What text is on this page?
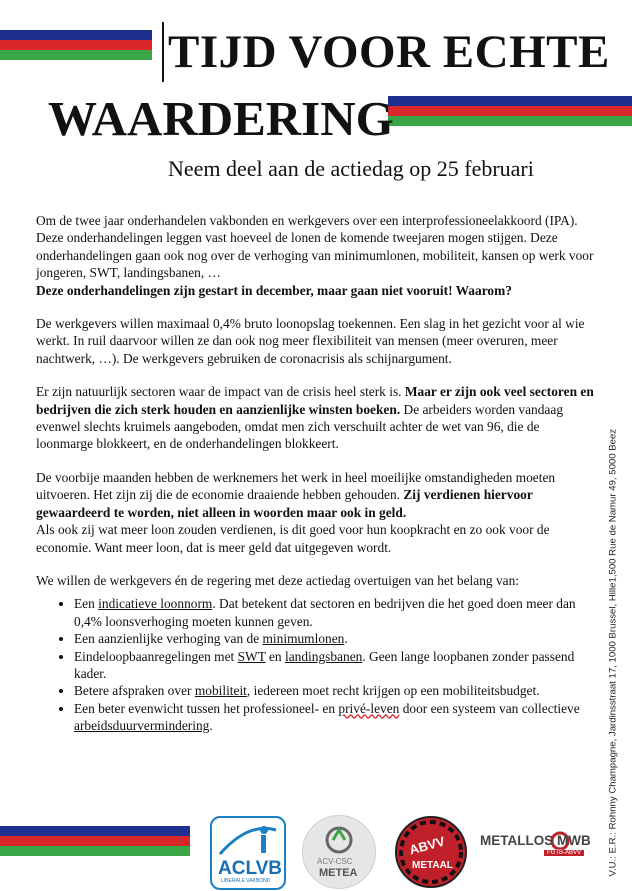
TIJD VOOR ECHTE
WAARDERING
Neem deel aan de actiedag op 25 februari

Om de twee jaar onderhandelen vakbonden en werkgevers over een interprofessioneelakkoord (IPA). Deze onderhandelingen leggen vast hoeveel de lonen de komende tweejaren mogen stijgen. Deze onderhandelingen gaan ook nog over de verhoging van minimumlonen, mobiliteit, kansen op werk voor jongeren, SWT, landingsbanen, …
Deze onderhandelingen zijn gestart in december, maar gaan niet vooruit! Waarom?

De werkgevers willen maximaal 0,4% bruto loonopslag toekennen. Een slag in het gezicht voor al wie werkt. In ruil daarvoor willen ze dan ook nog meer flexibiliteit van mensen (meer overuren, meer nachtwerk, …). De werkgevers gebruiken de coronacrisis als schijnargument.

Er zijn natuurlijk sectoren waar de impact van de crisis heel sterk is. Maar er zijn ook veel sectoren en bedrijven die zich sterk houden en aanzienlijke winsten boeken. De arbeiders worden vandaag evenwel slechts kruimels aangeboden, omdat men zich verschuilt achter de wet van 96, die de loonmarge blokkeert, en de onderhandelingen blokkeert.

De voorbije maanden hebben de werknemers het werk in heel moeilijke omstandigheden moeten uitvoeren. Het zijn zij die de economie draaiende hebben gehouden. Zij verdienen hiervoor gewaardeerd te worden, niet alleen in woorden maar ook in geld.
Als ook zij wat meer loon zouden verdienen, is dit goed voor hun koopkracht en zo ook voor de economie. Want meer loon, dat is meer geld dat uitgegeven wordt.

We willen de werkgevers én de regering met deze actiedag overtuigen van het belang van:

• Een indicatieve loonnorm. Dat betekent dat sectoren en bedrijven die het goed doen meer dan 0,4% loonsverhoging moeten kunnen geven.
• Een aanzienlijke verhoging van de minimumlonen.
• Eindeloopbaanregelingen met SWT en landingsbanen. Geen lange loopbanen zonder passend kader.
• Betere afspraken over mobiliteit, iedereen moet recht krijgen op een mobiliteitsbudget.
• Een beter evenwicht tussen het professioneel- en privé-leven door een systeem van collectieve arbeidsduurvermindering.	V.U.: E.R.: Rohnny Champagne, Jardinsstraat 17, 1000 Brussel, Hille1,500 Rue de Namur 49, 5000 Beez
ACLVB
LIBERALE VAKBOND
ACV-CSC
METEA
ABVV
METAAL
METALLOS MWB
FGTB-ABVV
